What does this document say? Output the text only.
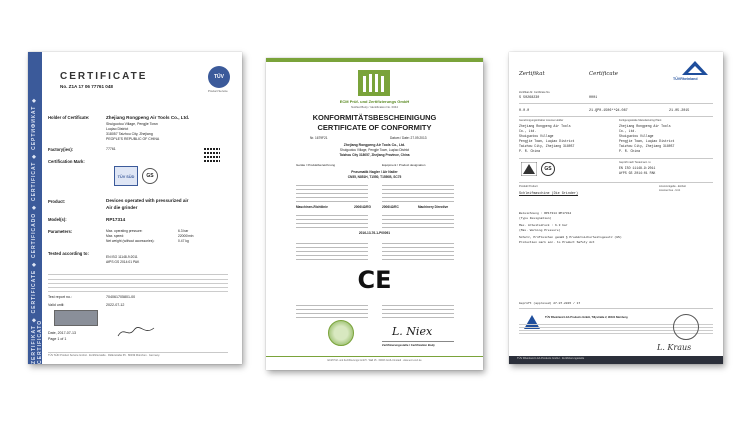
ZERTIFIKAT ◆ CERTIFICATE ◆ CERTIFICADO ◆ CERTIFICAT ◆ СЕРТИФИКАТ ◆ CERTIFICATO
CERTIFICATE
No. Z1A 17 06 77761 048
TÜV
Product Service
Holder of Certificate:	Zhejiang Rongpeng Air Tools Co., Ltd.
Shuiguotou Village, Pengjie Town
Luqiao District
318057 Taizhou City, Zhejiang
PEOPLE'S REPUBLIC OF CHINA
Factory(ies):	77761
Certification Mark:
TÜV SÜD	GS
Product:	Devices operated with pressurized air
Air die grinder
Model(s):	RP17314
Parameters:	Max. operating pressure:	6.3 bar
Max. speed:	22000/min
Net weight (without accessories):	0.47 kg
Tested according to:
EN ISO 11148-9:2011
AfPS GS 2014:01 PAK
Test report no.:	704061705801-00
Valid until:	2022-07-12
Date, 2017-07-13
Page 1 of 1
TÜV SÜD Product Service GmbH · Zertifizierstelle · Ridlerstraße 65 · 80339 München · Germany
ECM Prüf- und Zertifizierungs GmbH
Notified Body / Identification No. 0044
KONFORMITÄTSBESCHEINIGUNG
CERTIFICATE OF CONFORMITY
Nr. 1679F21	Datum / Date: 27.09.2013
Zhejiang Rongpeng Air Tools Co., Ltd.
Shuiguotou Village, Pengjie Town, Luqiao District
Taizhou City 318057, Zhejiang Province, China
Geräte / Produktbezeichnung	Equipment / Product designation
Pneumatik Nagler / Air Nailer
CN55, N851H, T1550, T1550B, SC75
Maschinen-Richtlinie	2006/42/EG	2006/42/EC	Machinery Directive
2016-13-76-1-P00091
CE
L. Niex
Zertifizierungsstelle / Certification Body
ECM Prüf- und Zertifizierungs GmbH · Wall 15 · 64823 Groß-Umstadt · www.ecm-zert.de
Zertifikat	Certificate
TÜVRheinland
Zertifikat-Nr. Certificate No.
S 50268230	0001
0.0.0	21.QP0-1506**94.087	21.05.2015
Genehmigungsinhaber License Holder
Zhejiang Rongpeng Air Tools
Co., Ltd.
Shuiguotou Village
Pengjie Town, Luqiao District
Taizhou City, Zhejiang 318057
P. R. China
Fertigungsstätte Manufacturing Plant
Zhejiang Rongpeng Air Tools
Co., Ltd.
Shuiguotou Village
Pengjie Town, Luqiao District
Taizhou City, Zhejiang 318057
P. R. China
GS
Geprüft nach Tested acc. to
EN ISO 11148-9:2011
AfPS GS 2014:01 PAK
Produkt Product	Lizenzentgelte - Einheit
License Fee - Unit
Schleifmaschine (Die Grinder)
Bezeichnung : RP17314 RP17314
(Type Designation)
Max. Arbeitsdruck : 6.3 bar
(Max. Working Pressure)
Schutz, Prüfzeichen gemäß § Produktsicherheitsgesetz (GS)
Protection mark acc. to Product Safety Act
Geprüft (approved) 27.07.2015 / 17
TÜV Rheinland LGA Products GmbH, Tillystraße 2, 90431 Nürnberg
L. Kraus
TÜV Rheinland LGA Products GmbH · Zertifizierungsstelle
